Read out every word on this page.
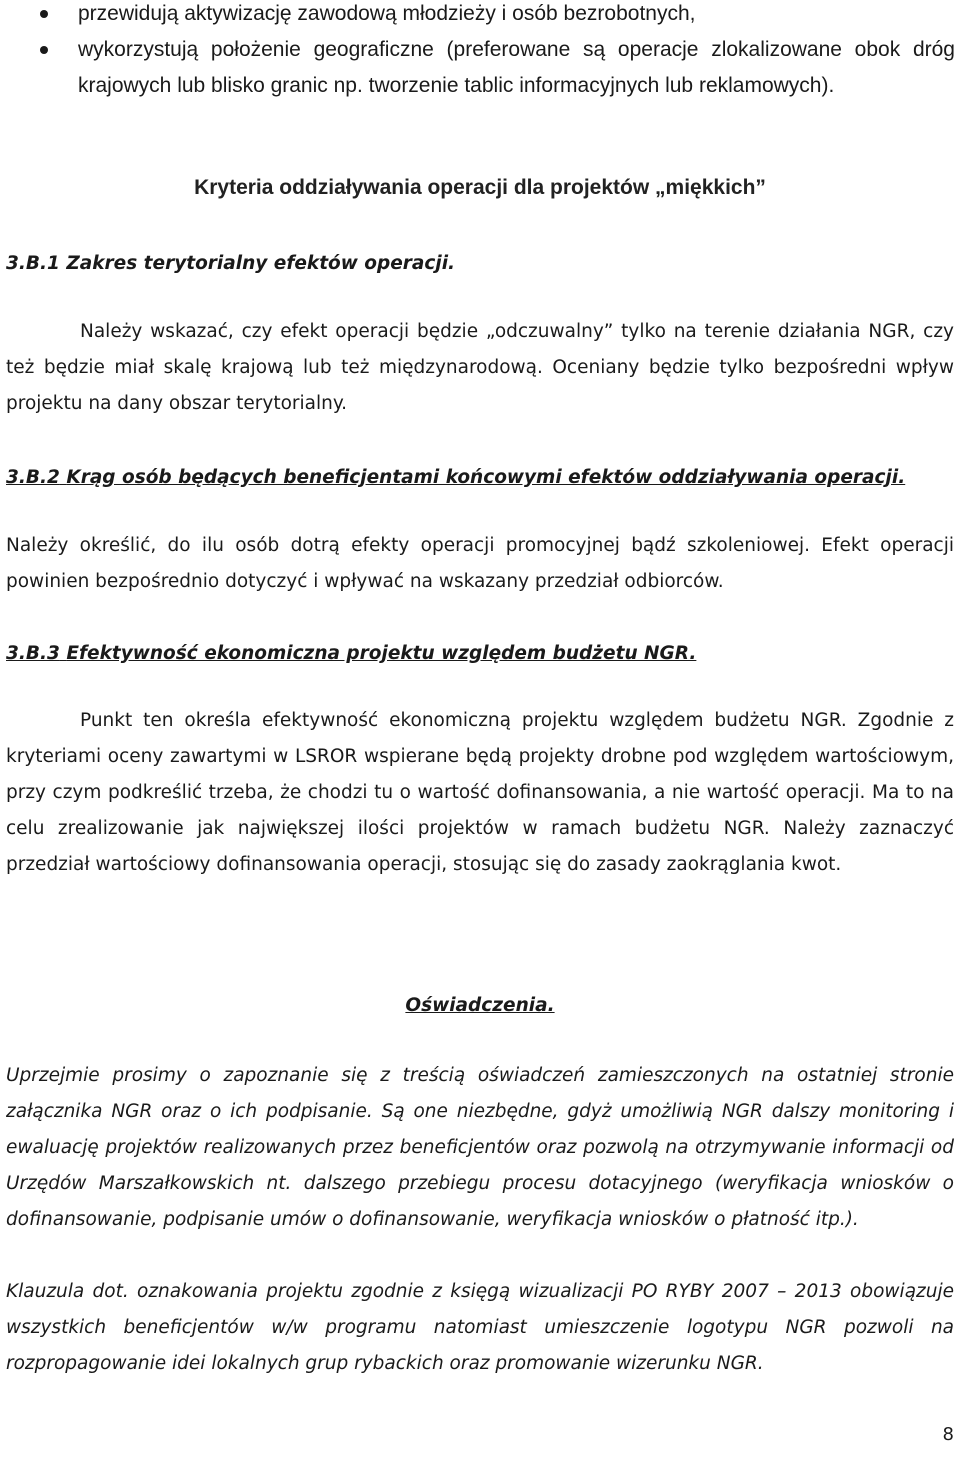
przewidują aktywizację zawodową młodzieży i osób bezrobotnych,
wykorzystują położenie geograficzne (preferowane są operacje zlokalizowane obok dróg krajowych lub blisko granic np. tworzenie tablic informacyjnych lub reklamowych).
Kryteria oddziaływania operacji dla projektów „miękkich”
3.B.1 Zakres terytorialny efektów operacji.
Należy wskazać, czy efekt operacji będzie „odczuwalny” tylko na terenie działania NGR, czy też będzie miał skalę krajową lub też międzynarodową. Oceniany będzie tylko bezpośredni wpływ projektu na dany obszar terytorialny.
3.B.2 Krąg osób będących beneficjentami końcowymi efektów oddziaływania operacji.
Należy określić, do ilu osób dotrą efekty operacji promocyjnej bądź szkoleniowej. Efekt operacji powinien bezpośrednio dotyczyć i wpływać na wskazany przedział odbiorców.
3.B.3 Efektywność ekonomiczna projektu względem budżetu NGR.
Punkt ten określa efektywność ekonomiczną projektu względem budżetu NGR. Zgodnie z kryteriami oceny zawartymi w LSROR wspierane będą projekty drobne pod względem wartościowym, przy czym podkreślić trzeba, że chodzi tu o wartość dofinansowania, a nie wartość operacji. Ma to na celu zrealizowanie jak największej ilości projektów w ramach budżetu NGR. Należy zaznaczyć przedział wartościowy dofinansowania operacji, stosując się do zasady zaokrąglania kwot.
Oświadczenia.
Uprzejmie prosimy o zapoznanie się z treścią oświadczeń zamieszczonych na ostatniej stronie załącznika NGR oraz o ich podpisanie. Są one niezbędne, gdyż umożliwią NGR dalszy monitoring i ewaluację projektów realizowanych przez beneficjentów oraz pozwolą na otrzymywanie informacji od Urzędów Marszałkowskich nt. dalszego przebiegu procesu dotacyjnego (weryfikacja wniosków o dofinansowanie, podpisanie umów o dofinansowanie, weryfikacja wniosków o płatność itp.).
Klauzula dot. oznakowania projektu zgodnie z księgą wizualizacji PO RYBY 2007 – 2013 obowiązuje wszystkich beneficjentów w/w programu natomiast umieszczenie logotypu NGR pozwoli na rozpropagowanie idei lokalnych grup rybackich oraz promowanie wizerunku NGR.
8
